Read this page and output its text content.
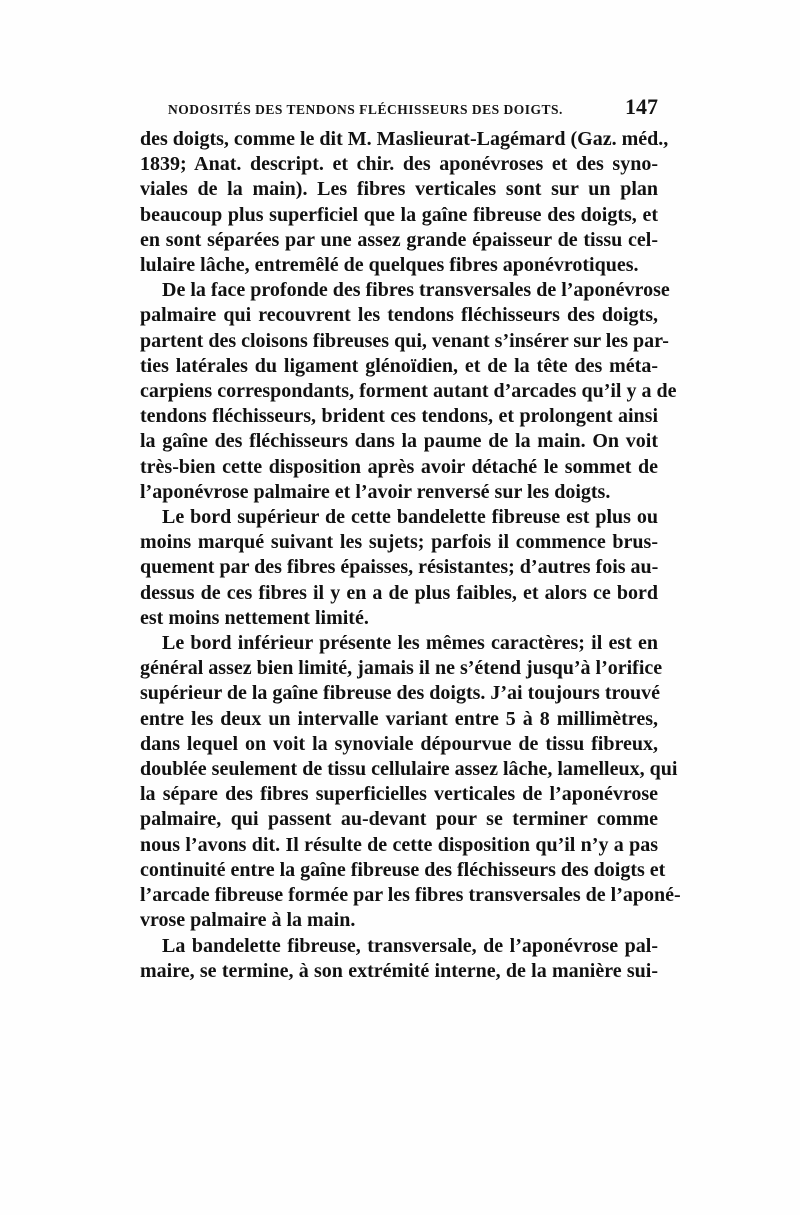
NODOSITÉS DES TENDONS FLÉCHISSEURS DES DOIGTS.	147
des doigts, comme le dit M. Maslieurat-Lagémard (Gaz. méd.,
1839; Anat. descript. et chir. des aponévroses et des syno-
viales de la main). Les fibres verticales sont sur un plan
beaucoup plus superficiel que la gaîne fibreuse des doigts, et
en sont séparées par une assez grande épaisseur de tissu cel-
lulaire lâche, entremêlé de quelques fibres aponévrotiques.
De la face profonde des fibres transversales de l’aponévrose
palmaire qui recouvrent les tendons fléchisseurs des doigts,
partent des cloisons fibreuses qui, venant s’insérer sur les par-
ties latérales du ligament glénoïdien, et de la tête des méta-
carpiens correspondants, forment autant d’arcades qu’il y a de
tendons fléchisseurs, brident ces tendons, et prolongent ainsi
la gaîne des fléchisseurs dans la paume de la main. On voit
très-bien cette disposition après avoir détaché le sommet de
l’aponévrose palmaire et l’avoir renversé sur les doigts.
Le bord supérieur de cette bandelette fibreuse est plus ou
moins marqué suivant les sujets; parfois il commence brus-
quement par des fibres épaisses, résistantes; d’autres fois au-
dessus de ces fibres il y en a de plus faibles, et alors ce bord
est moins nettement limité.
Le bord inférieur présente les mêmes caractères; il est en
général assez bien limité, jamais il ne s’étend jusqu’à l’orifice
supérieur de la gaîne fibreuse des doigts. J’ai toujours trouvé
entre les deux un intervalle variant entre 5 à 8 millimètres,
dans lequel on voit la synoviale dépourvue de tissu fibreux,
doublée seulement de tissu cellulaire assez lâche, lamelleux, qui
la sépare des fibres superficielles verticales de l’aponévrose
palmaire, qui passent au-devant pour se terminer comme
nous l’avons dit. Il résulte de cette disposition qu’il n’y a pas
continuité entre la gaîne fibreuse des fléchisseurs des doigts et
l’arcade fibreuse formée par les fibres transversales de l’aponé-
vrose palmaire à la main.
La bandelette fibreuse, transversale, de l’aponévrose pal-
maire, se termine, à son extrémité interne, de la manière sui-
